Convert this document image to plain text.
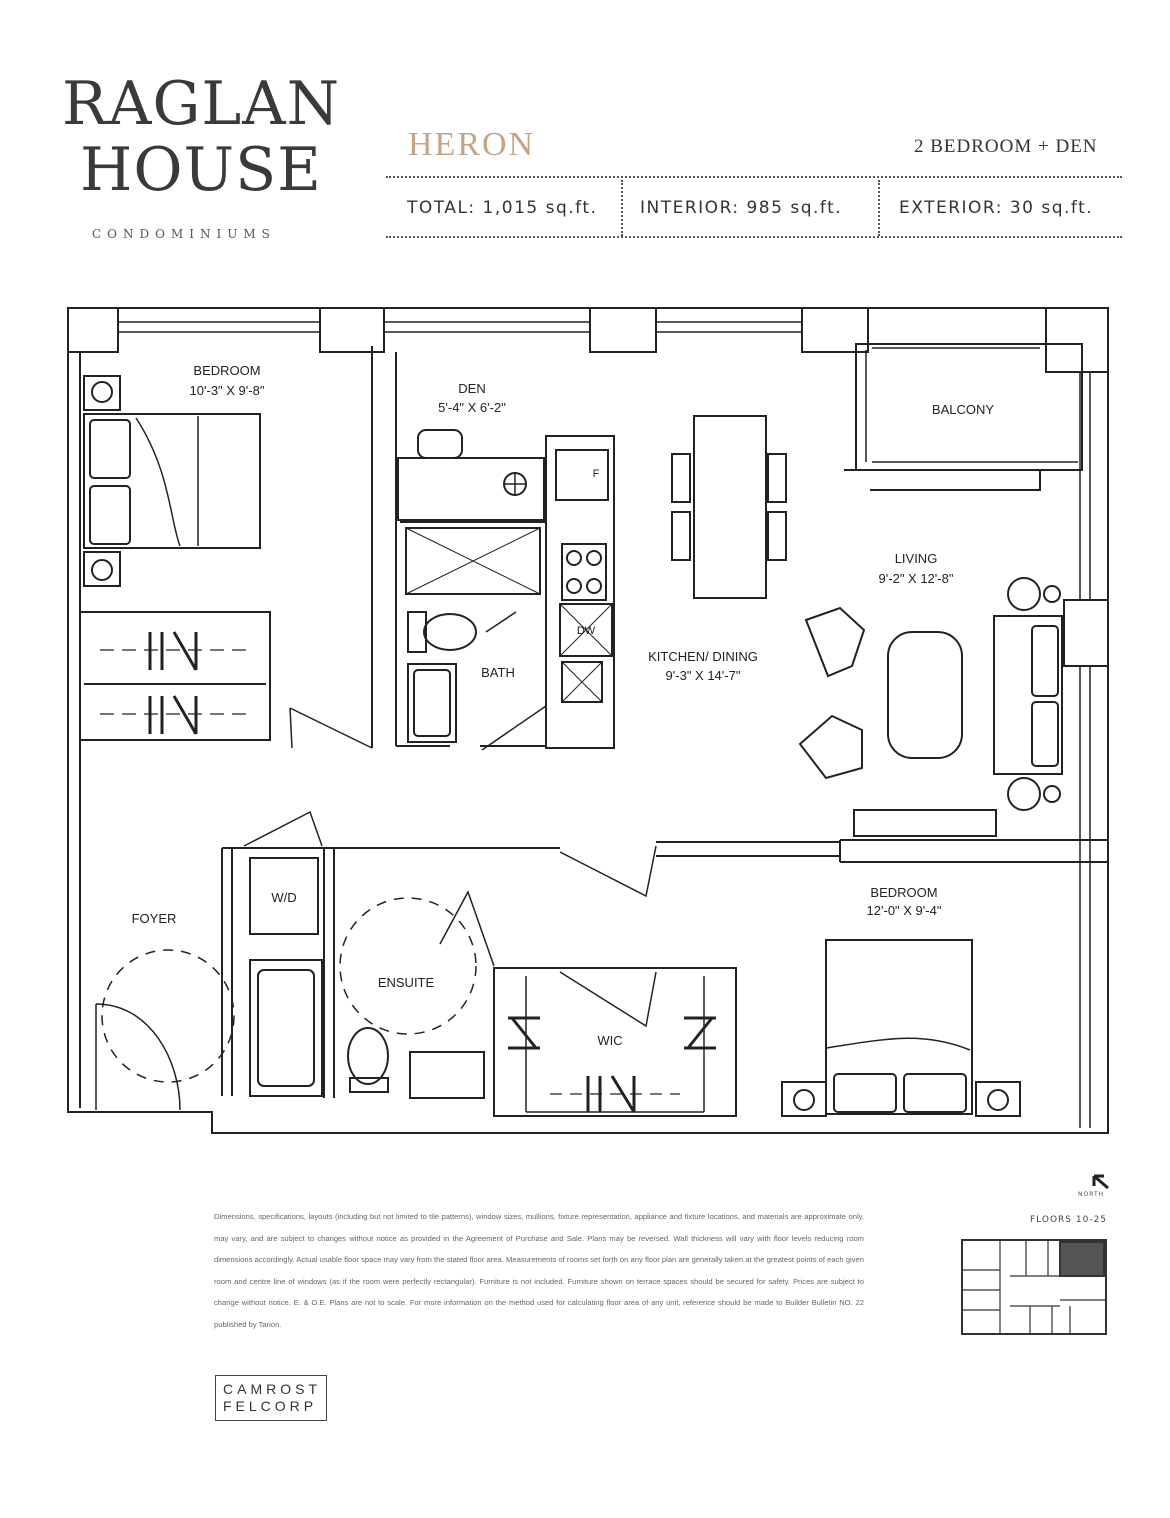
RAGLAN
HOUSE
CONDOMINIUMS
HERON	2 BEDROOM + DEN
TOTAL: 1,015 sq.ft.	INTERIOR: 985 sq.ft.	EXTERIOR: 30 sq.ft.
BEDROOM
10'-3" X 9'-8"	DEN
5'-4" X 6'-2"	BALCONY
LIVING
9'-2" X 12'-8"
KITCHEN/ DINING
9'-3" X 14'-7"
BATH
FOYER
W/D
ENSUITE
WIC
BEDROOM
12'-0" X 9'-4"
F
DW
NORTH
FLOORS 10-25
Dimensions, specifications, layouts (including but not limited to tile patterns), window sizes, mullions, fixture representation, appliance and fixture locations, and materials are approximate only, may vary, and are subject to changes without notice as provided in the Agreement of Purchase and Sale. Plans may be reversed. Wall thickness will vary with floor levels reducing room dimensions accordingly. Actual usable floor space may vary from the stated floor area. Measurements of rooms set forth on any floor plan are generally taken at the greatest points of each given room and centre line of windows (as if the room were perfectly rectangular). Furniture is not included. Furniture shown on terrace spaces should be secured for safety. Prices are subject to change without notice. E. & O.E. Plans are not to scale. For more information on the method used for calculating floor area of any unit, reference should be made to Builder Bulletin NO. 22 published by Tarion.
CAMROST
FELCORP
